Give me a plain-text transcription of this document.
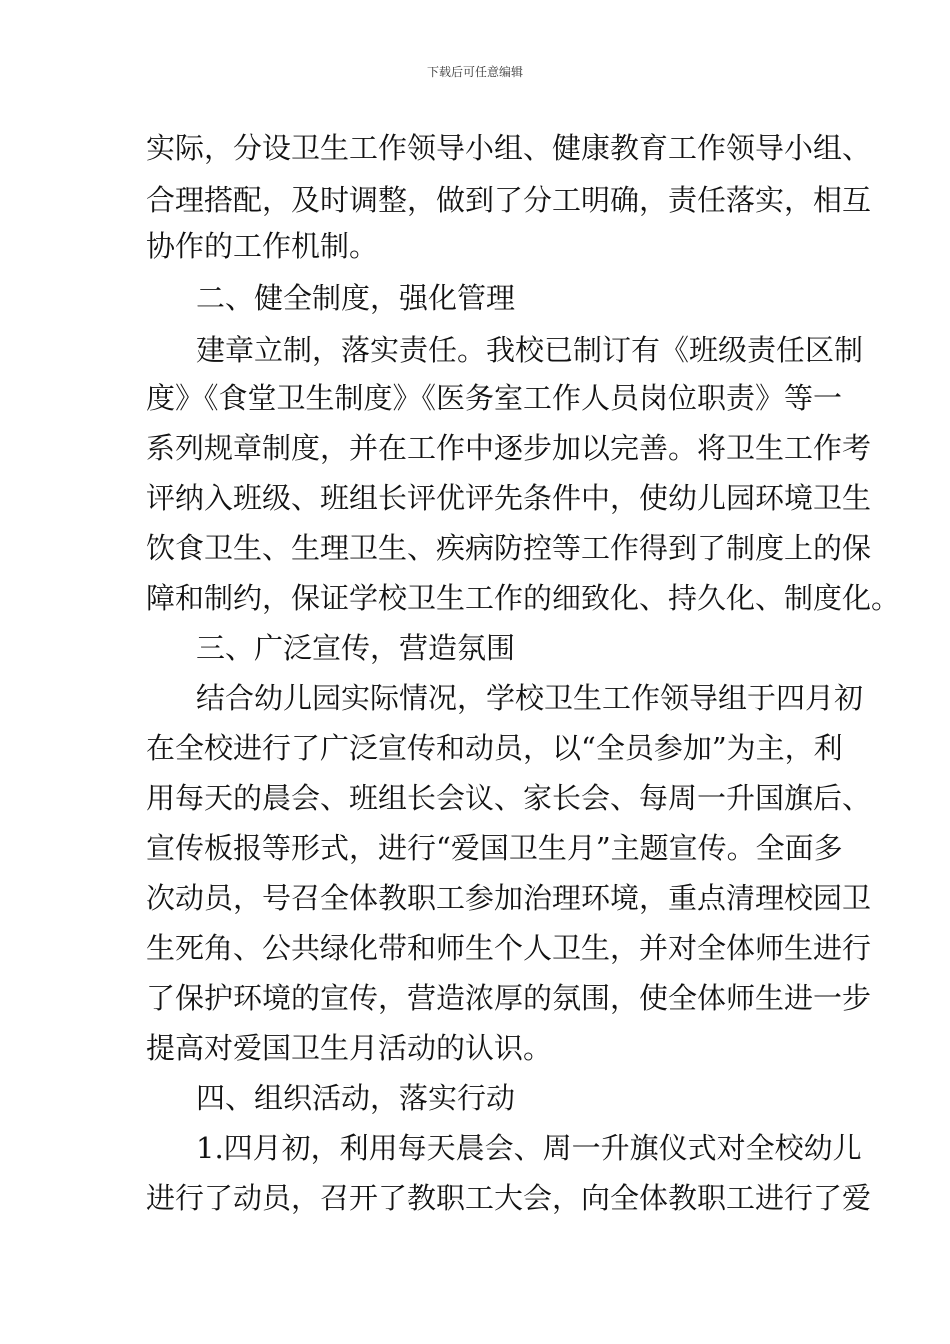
下载后可任意编辑
实际，分设卫生工作领导小组、健康教育工作领导小组、
合理搭配，及时调整，做到了分工明确，责任落实，相互
协作的工作机制。
二、健全制度，强化管理
建章立制，落实责任。我校已制订有《班级责任区制
度》《食堂卫生制度》《医务室工作人员岗位职责》等一
系列规章制度，并在工作中逐步加以完善。将卫生工作考
评纳入班级、班组长评优评先条件中，使幼儿园环境卫生
饮食卫生、生理卫生、疾病防控等工作得到了制度上的保
障和制约，保证学校卫生工作的细致化、持久化、制度化。
三、广泛宣传，营造氛围
结合幼儿园实际情况，学校卫生工作领导组于四月初
在全校进行了广泛宣传和动员，以“全员参加”为主，利
用每天的晨会、班组长会议、家长会、每周一升国旗后、
宣传板报等形式，进行“爱国卫生月”主题宣传。全面多
次动员，号召全体教职工参加治理环境，重点清理校园卫
生死角、公共绿化带和师生个人卫生，并对全体师生进行
了保护环境的宣传，营造浓厚的氛围，使全体师生进一步
提高对爱国卫生月活动的认识。
四、组织活动，落实行动
1.四月初，利用每天晨会、周一升旗仪式对全校幼儿
进行了动员，召开了教职工大会，向全体教职工进行了爱
